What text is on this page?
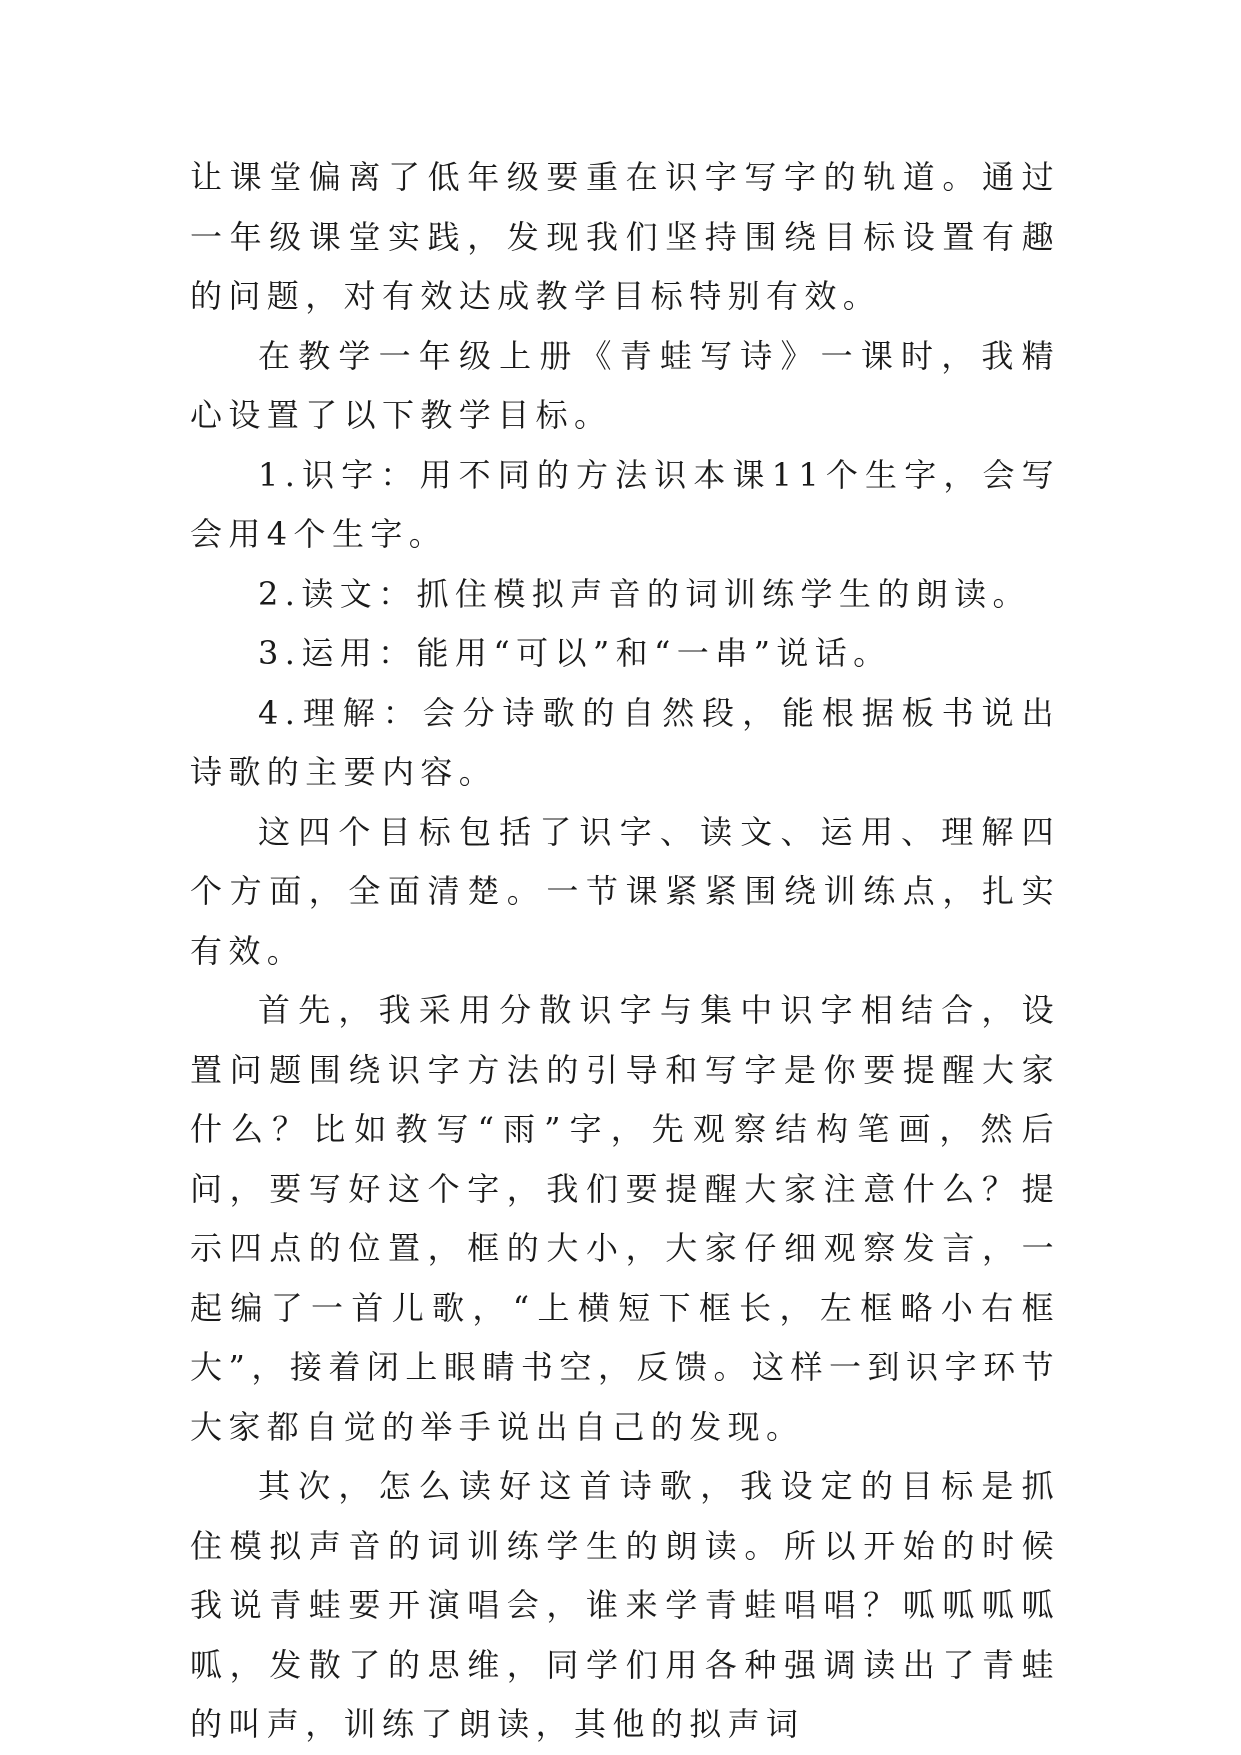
让课堂偏离了低年级要重在识字写字的轨道。通过一年级课堂实践，发现我们坚持围绕目标设置有趣的问题，对有效达成教学目标特别有效。

在教学一年级上册《青蛙写诗》一课时，我精心设置了以下教学目标。

1.识字：用不同的方法识本课11个生字，会写会用4个生字。

2.读文：抓住模拟声音的词训练学生的朗读。

3.运用：能用“可以”和“一串”说话。

4.理解：会分诗歌的自然段，能根据板书说出诗歌的主要内容。

这四个目标包括了识字、读文、运用、理解四个方面，全面清楚。一节课紧紧围绕训练点，扎实有效。

首先，我采用分散识字与集中识字相结合，设置问题围绕识字方法的引导和写字是你要提醒大家什么？比如教写“雨”字，先观察结构笔画，然后问，要写好这个字，我们要提醒大家注意什么？提示四点的位置，框的大小，大家仔细观察发言，一起编了一首儿歌，“上横短下框长，左框略小右框大”，接着闭上眼睛书空，反馈。这样一到识字环节大家都自觉的举手说出自己的发现。

其次，怎么读好这首诗歌，我设定的目标是抓住模拟声音的词训练学生的朗读。所以开始的时候我说青蛙要开演唱会，谁来学青蛙唱唱？呱呱呱呱呱，发散了的思维，同学们用各种强调读出了青蛙的叫声，训练了朗读，其他的拟声词
